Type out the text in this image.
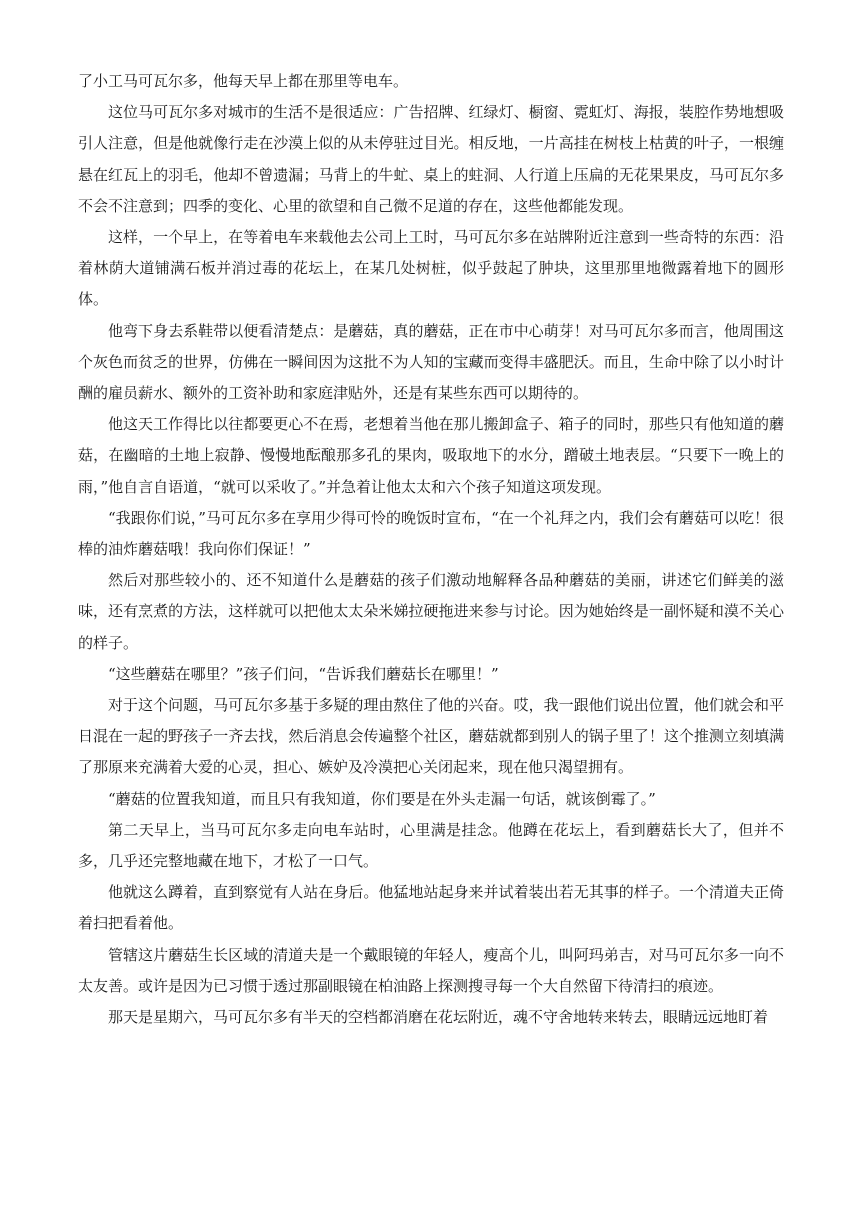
了小工马可瓦尔多，他每天早上都在那里等电车。

这位马可瓦尔多对城市的生活不是很适应：广告招牌、红绿灯、橱窗、霓虹灯、海报，装腔作势地想吸引人注意，但是他就像行走在沙漠上似的从未停驻过目光。相反地，一片高挂在树枝上枯黄的叶子，一根缠悬在红瓦上的羽毛，他却不曾遗漏；马背上的牛虻、桌上的蛀洞、人行道上压扁的无花果果皮，马可瓦尔多不会不注意到；四季的变化、心里的欲望和自己微不足道的存在，这些他都能发现。

这样，一个早上，在等着电车来载他去公司上工时，马可瓦尔多在站牌附近注意到一些奇特的东西：沿着林荫大道铺满石板并消过毒的花坛上，在某几处树桩，似乎鼓起了肿块，这里那里地微露着地下的圆形体。

他弯下身去系鞋带以便看清楚点：是蘑菇，真的蘑菇，正在市中心萌芽！对马可瓦尔多而言，他周围这个灰色而贫乏的世界，仿佛在一瞬间因为这批不为人知的宝藏而变得丰盛肥沃。而且，生命中除了以小时计酬的雇员薪水、额外的工资补助和家庭津贴外，还是有某些东西可以期待的。

他这天工作得比以往都要更心不在焉，老想着当他在那儿搬卸盒子、箱子的同时，那些只有他知道的蘑菇，在幽暗的土地上寂静、慢慢地酝酿那多孔的果肉，吸取地下的水分，蹭破土地表层。“只要下一晚上的雨，”他自言自语道，“就可以采收了。”并急着让他太太和六个孩子知道这项发现。

“我跟你们说，”马可瓦尔多在享用少得可怜的晚饭时宣布，“在一个礼拜之内，我们会有蘑菇可以吃！很棒的油炸蘑菇哦！我向你们保证！”

然后对那些较小的、还不知道什么是蘑菇的孩子们激动地解释各品种蘑菇的美丽，讲述它们鲜美的滋味，还有烹煮的方法，这样就可以把他太太朵米娣拉硬拖进来参与讨论。因为她始终是一副怀疑和漠不关心的样子。

“这些蘑菇在哪里？”孩子们问，“告诉我们蘑菇长在哪里！”

对于这个问题，马可瓦尔多基于多疑的理由熬住了他的兴奋。哎，我一跟他们说出位置，他们就会和平日混在一起的野孩子一齐去找，然后消息会传遍整个社区，蘑菇就都到别人的锅子里了！这个推测立刻填满了那原来充满着大爱的心灵，担心、嫉妒及冷漠把心关闭起来，现在他只渴望拥有。

“蘑菇的位置我知道，而且只有我知道，你们要是在外头走漏一句话，就该倒霉了。”

第二天早上，当马可瓦尔多走向电车站时，心里满是挂念。他蹲在花坛上，看到蘑菇长大了，但并不多，几乎还完整地藏在地下，才松了一口气。

他就这么蹲着，直到察觉有人站在身后。他猛地站起身来并试着装出若无其事的样子。一个清道夫正倚着扫把看着他。

管辖这片蘑菇生长区域的清道夫是一个戴眼镜的年轻人，瘦高个儿，叫阿玛弟吉，对马可瓦尔多一向不太友善。或许是因为已习惯于透过那副眼镜在柏油路上探测搜寻每一个大自然留下待清扫的痕迹。

那天是星期六，马可瓦尔多有半天的空档都消磨在花坛附近，魂不守舍地转来转去，眼睛远远地盯着
